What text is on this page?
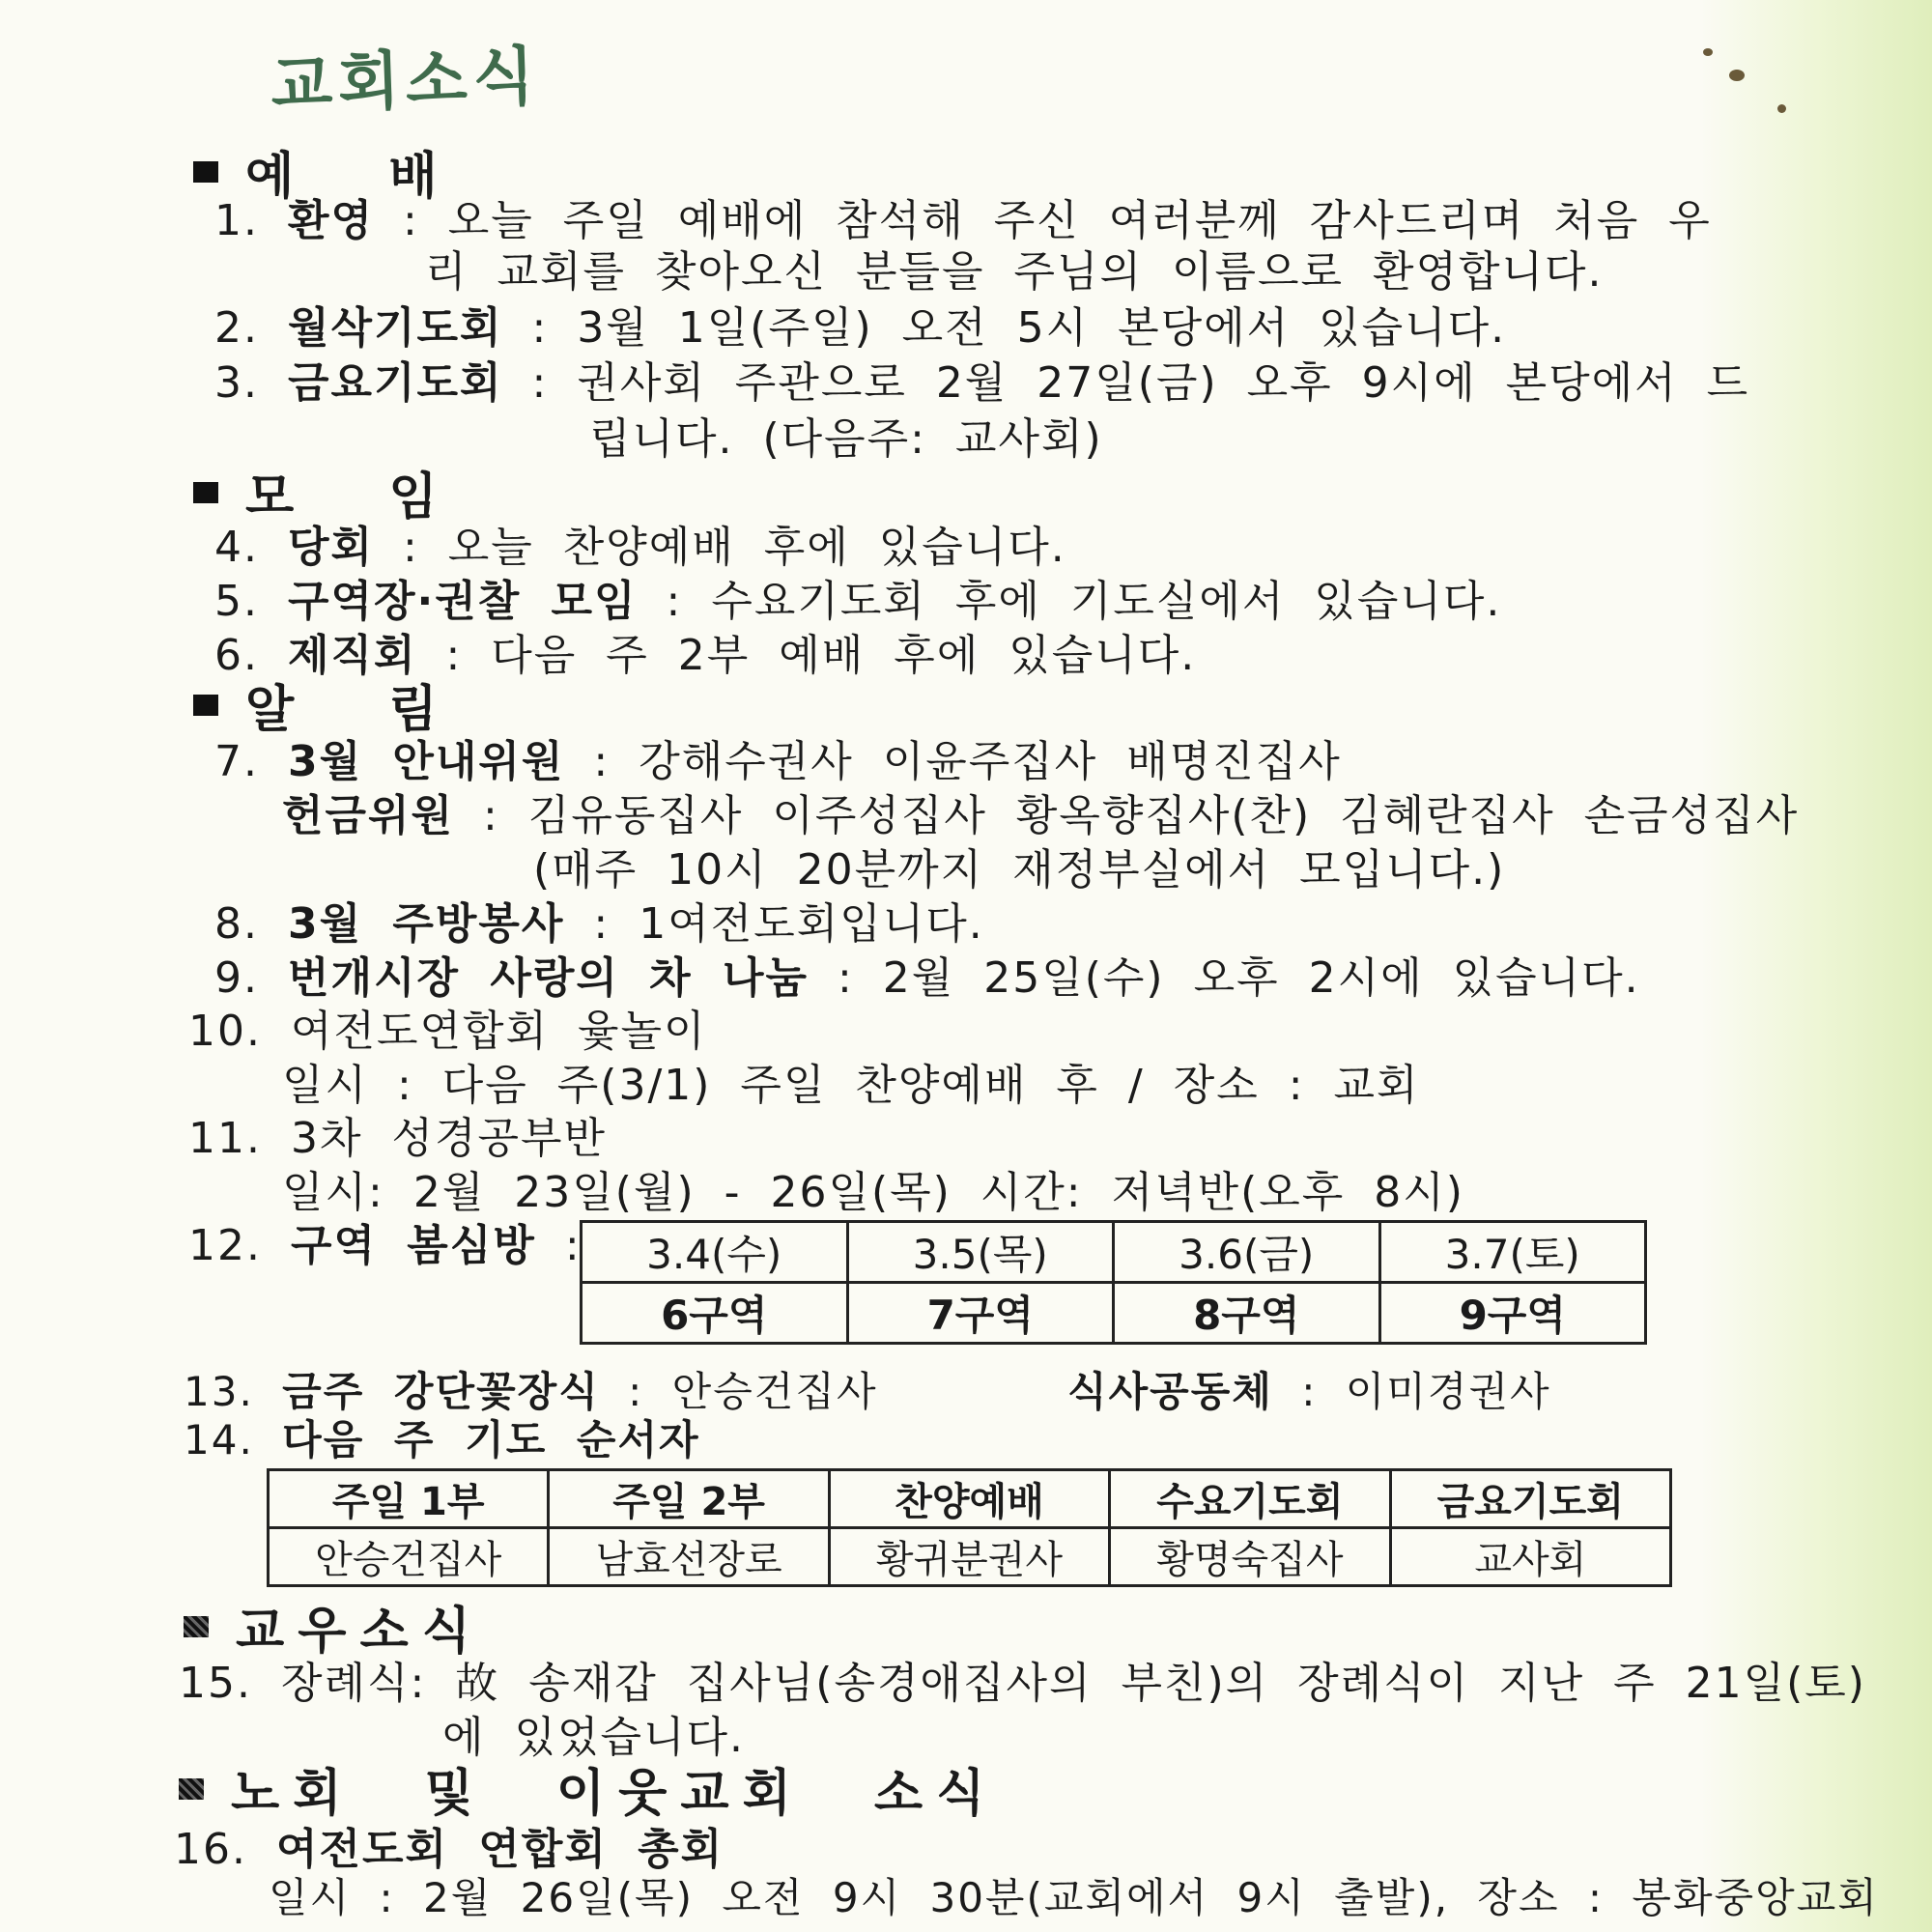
교회소식
예 배
1. 환영 : 오늘 주일 예배에 참석해 주신 여러분께 감사드리며 처음 우
리 교회를 찾아오신 분들을 주님의 이름으로 환영합니다.
2. 월삭기도회 : 3월 1일(주일) 오전 5시 본당에서 있습니다.
3. 금요기도회 : 권사회 주관으로 2월 27일(금) 오후 9시에 본당에서 드
립니다. (다음주: 교사회)
모 임
4. 당회 : 오늘 찬양예배 후에 있습니다.
5. 구역장·권찰 모임 : 수요기도회 후에 기도실에서 있습니다.
6. 제직회 : 다음 주 2부 예배 후에 있습니다.
알 림
7. 3월 안내위원 : 강해수권사 이윤주집사 배명진집사
헌금위원 : 김유동집사 이주성집사 황옥향집사(찬) 김혜란집사 손금성집사
(매주 10시 20분까지 재정부실에서 모입니다.)
8. 3월 주방봉사 : 1여전도회입니다.
9. 번개시장 사랑의 차 나눔 : 2월 25일(수) 오후 2시에 있습니다.
10. 여전도연합회 윷놀이
일시 : 다음 주(3/1) 주일 찬양예배 후 / 장소 : 교회
11. 3차 성경공부반
일시: 2월 23일(월) - 26일(목) 시간: 저녁반(오후 8시)
12. 구역 봄심방 : 3.4(수)	3.5(목)	3.6(금)	3.7(토)
6구역	7구역	8구역	9구역
13. 금주 강단꽃장식 : 안승건집사	식사공동체 : 이미경권사
14. 다음 주 기도 순서자
주일 1부	주일 2부	찬양예배	수요기도회	금요기도회
안승건집사	남효선장로	황귀분권사	황명숙집사	교사회
교우소식
15. 장례식: 故 송재갑 집사님(송경애집사의 부친)의 장례식이 지난 주 21일(토)
에 있었습니다.
노회 및 이웃교회 소식
16. 여전도회 연합회 총회
일시 : 2월 26일(목) 오전 9시 30분(교회에서 9시 출발), 장소 : 봉화중앙교회
